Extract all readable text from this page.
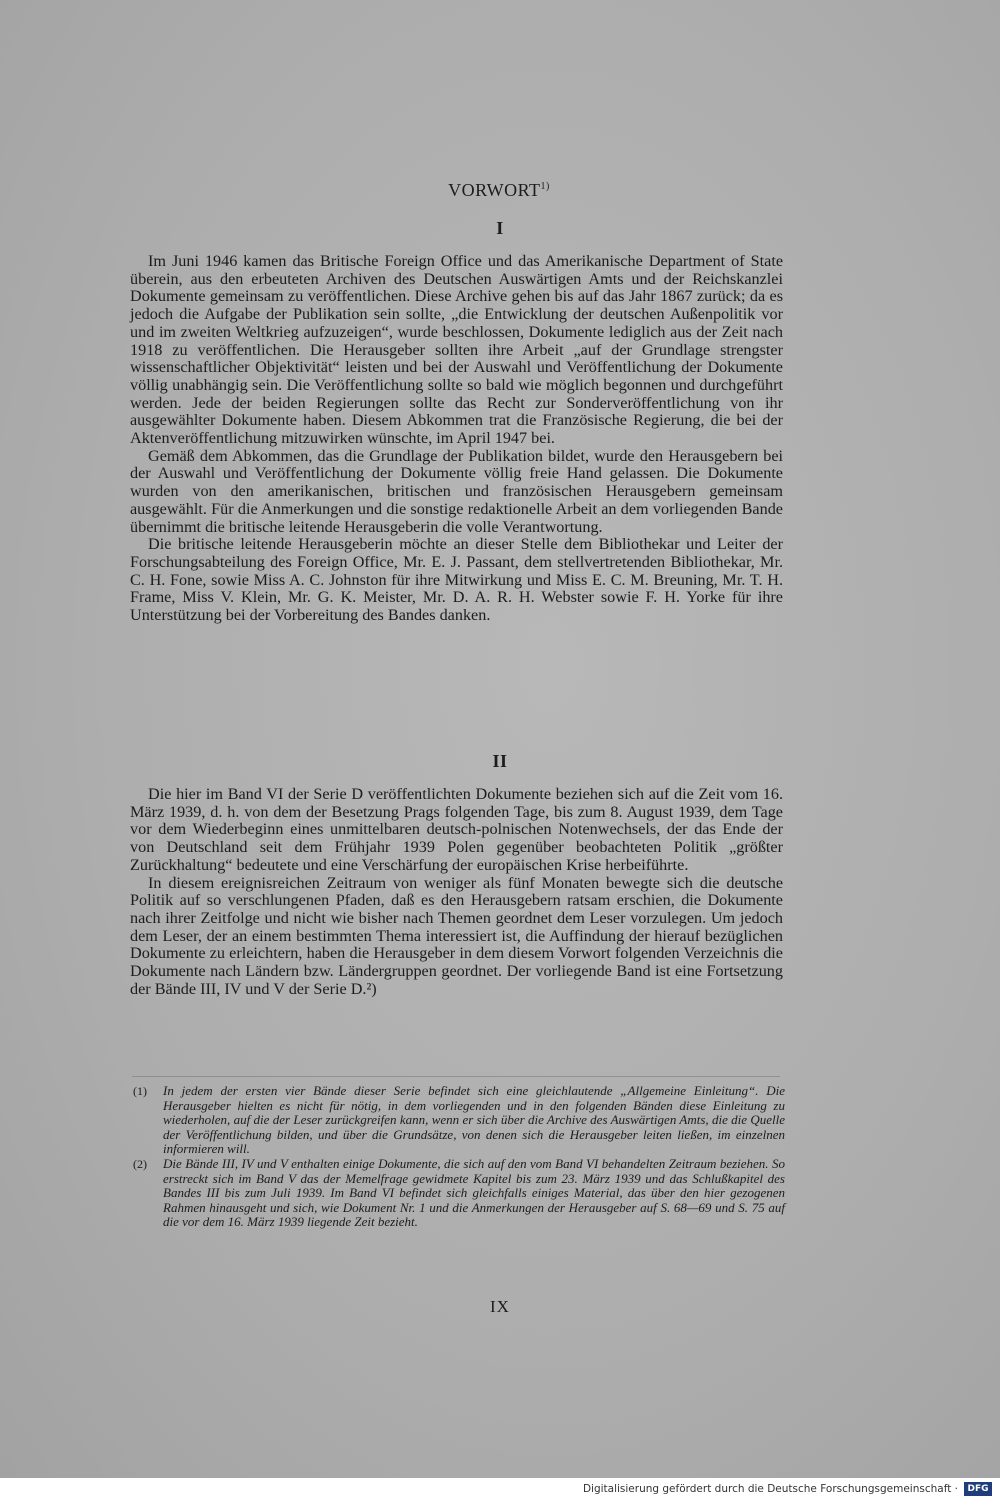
VORWORT$^{1)}$
I

Im Juni 1946 kamen das Britische Foreign Office und das Amerikanische Department of State überein, aus den erbeuteten Archiven des Deutschen Auswärtigen Amts und der Reichskanzlei Dokumente gemeinsam zu veröffentlichen. Diese Archive gehen bis auf das Jahr 1867 zurück; da es jedoch die Aufgabe der Publikation sein sollte, „die Entwicklung der deutschen Außenpolitik vor und im zweiten Weltkrieg aufzuzeigen“, wurde beschlossen, Dokumente lediglich aus der Zeit nach 1918 zu veröffentlichen. Die Herausgeber sollten ihre Arbeit „auf der Grundlage strengster wissenschaftlicher Objektivität“ leisten und bei der Auswahl und Veröffentlichung der Dokumente völlig unabhängig sein. Die Veröffentlichung sollte so bald wie möglich begonnen und durchgeführt werden. Jede der beiden Regierungen sollte das Recht zur Sonderveröffentlichung von ihr ausgewählter Dokumente haben. Diesem Abkommen trat die Französische Regierung, die bei der Aktenveröffentlichung mitzuwirken wünschte, im April 1947 bei.

Gemäß dem Abkommen, das die Grundlage der Publikation bildet, wurde den Herausgebern bei der Auswahl und Veröffentlichung der Dokumente völlig freie Hand gelassen. Die Dokumente wurden von den amerikanischen, britischen und französischen Herausgebern gemeinsam ausgewählt. Für die Anmerkungen und die sonstige redaktionelle Arbeit an dem vorliegenden Bande übernimmt die britische leitende Herausgeberin die volle Verantwortung.

Die britische leitende Herausgeberin möchte an dieser Stelle dem Bibliothekar und Leiter der Forschungsabteilung des Foreign Office, Mr. E. J. Passant, dem stellvertretenden Bibliothekar, Mr. C. H. Fone, sowie Miss A. C. Johnston für ihre Mitwirkung und Miss E. C. M. Breuning, Mr. T. H. Frame, Miss V. Klein, Mr. G. K. Meister, Mr. D. A. R. H. Webster sowie F. H. Yorke für ihre Unterstützung bei der Vorbereitung des Bandes danken.

II

Die hier im Band VI der Serie D veröffentlichten Dokumente beziehen sich auf die Zeit vom 16. März 1939, d. h. von dem der Besetzung Prags folgenden Tage, bis zum 8. August 1939, dem Tage vor dem Wiederbeginn eines unmittelbaren deutsch-polnischen Notenwechsels, der das Ende der von Deutschland seit dem Frühjahr 1939 Polen gegenüber beobachteten Politik „größter Zurückhaltung“ bedeutete und eine Verschärfung der europäischen Krise herbeiführte.

In diesem ereignisreichen Zeitraum von weniger als fünf Monaten bewegte sich die deutsche Politik auf so verschlungenen Pfaden, daß es den Herausgebern ratsam erschien, die Dokumente nach ihrer Zeitfolge und nicht wie bisher nach Themen geordnet dem Leser vorzulegen. Um jedoch dem Leser, der an einem bestimmten Thema interessiert ist, die Auffindung der hierauf bezüglichen Dokumente zu erleichtern, haben die Herausgeber in dem diesem Vorwort folgenden Verzeichnis die Dokumente nach Ländern bzw. Ländergruppen geordnet. Der vorliegende Band ist eine Fortsetzung der Bände III, IV und V der Serie D.²)

(1)	In jedem der ersten vier Bände dieser Serie befindet sich eine gleichlautende „Allgemeine Einleitung“. Die Herausgeber hielten es nicht für nötig, in dem vorliegenden und in den folgenden Bänden diese Einleitung zu wiederholen, auf die der Leser zurückgreifen kann, wenn er sich über die Archive des Auswärtigen Amts, die die Quelle der Veröffentlichung bilden, und über die Grundsätze, von denen sich die Herausgeber leiten ließen, im einzelnen informieren will.
(2)	Die Bände III, IV und V enthalten einige Dokumente, die sich auf den vom Band VI behandelten Zeitraum beziehen. So erstreckt sich im Band V das der Memelfrage gewidmete Kapitel bis zum 23. März 1939 und das Schlußkapitel des Bandes III bis zum Juli 1939. Im Band VI befindet sich gleichfalls einiges Material, das über den hier gezogenen Rahmen hinausgeht und sich, wie Dokument Nr. 1 und die Anmerkungen der Herausgeber auf S. 68—69 und S. 75 auf die vor dem 16. März 1939 liegende Zeit bezieht.
IX
Digitalisierung gefördert durch die Deutsche Forschungsgemeinschaft ·	DFG
